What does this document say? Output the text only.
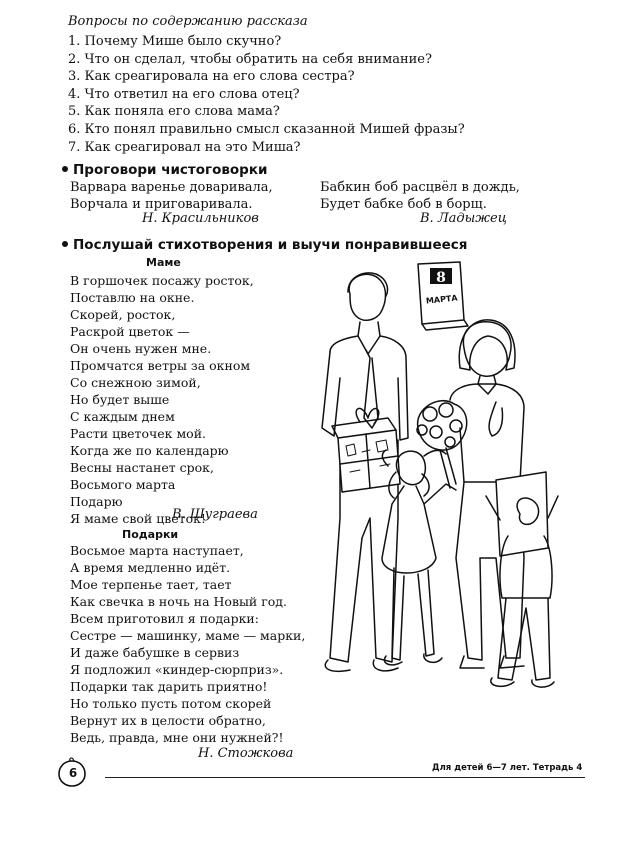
Вопросы по содержанию рассказа
1. Почему Мише было скучно?
2. Что он сделал, чтобы обратить на себя внимание?
3. Как среагировала на его слова сестра?
4. Что ответил на его слова отец?
5. Как поняла его слова мама?
6. Кто понял правильно смысл сказанной Мишей фразы?
7. Как среагировал на это Миша?
Проговори чистоговорки
Варвара варенье доваривала,
Ворчала и приговаривала.
Н. Красильников
Бабкин боб расцвёл в дождь,
Будет бабке боб в борщ.
В. Ладыжец
Послушай стихотворения и выучи понравившееся
Маме
В горшочек посажу росток,
Поставлю на окне.
Скорей, росток,
Раскрой цветок —
Он очень нужен мне.
Промчатся ветры за окном
Со снежною зимой,
Но будет выше
С каждым днем
Расти цветочек мой.
Когда же по календарю
Весны настанет срок,
Восьмого марта
Подарю
Я маме свой цветок!
В. Шуграева
Подарки
Восьмое марта наступает,
А время медленно идёт.
Мое терпенье тает, тает
Как свечка в ночь на Новый год.
Всем приготовил я подарки:
Сестре — машинку, маме — марки,
И даже бабушке в сервиз
Я подложил «киндер-сюрприз».
Подарки так дарить приятно!
Но только пусть потом скорей
Вернут их в целости обратно,
Ведь, правда, мне они нужней?!
Н. Стожкова
8
МАРТА
6	Для детей 6—7 лет. Тетрадь 4
